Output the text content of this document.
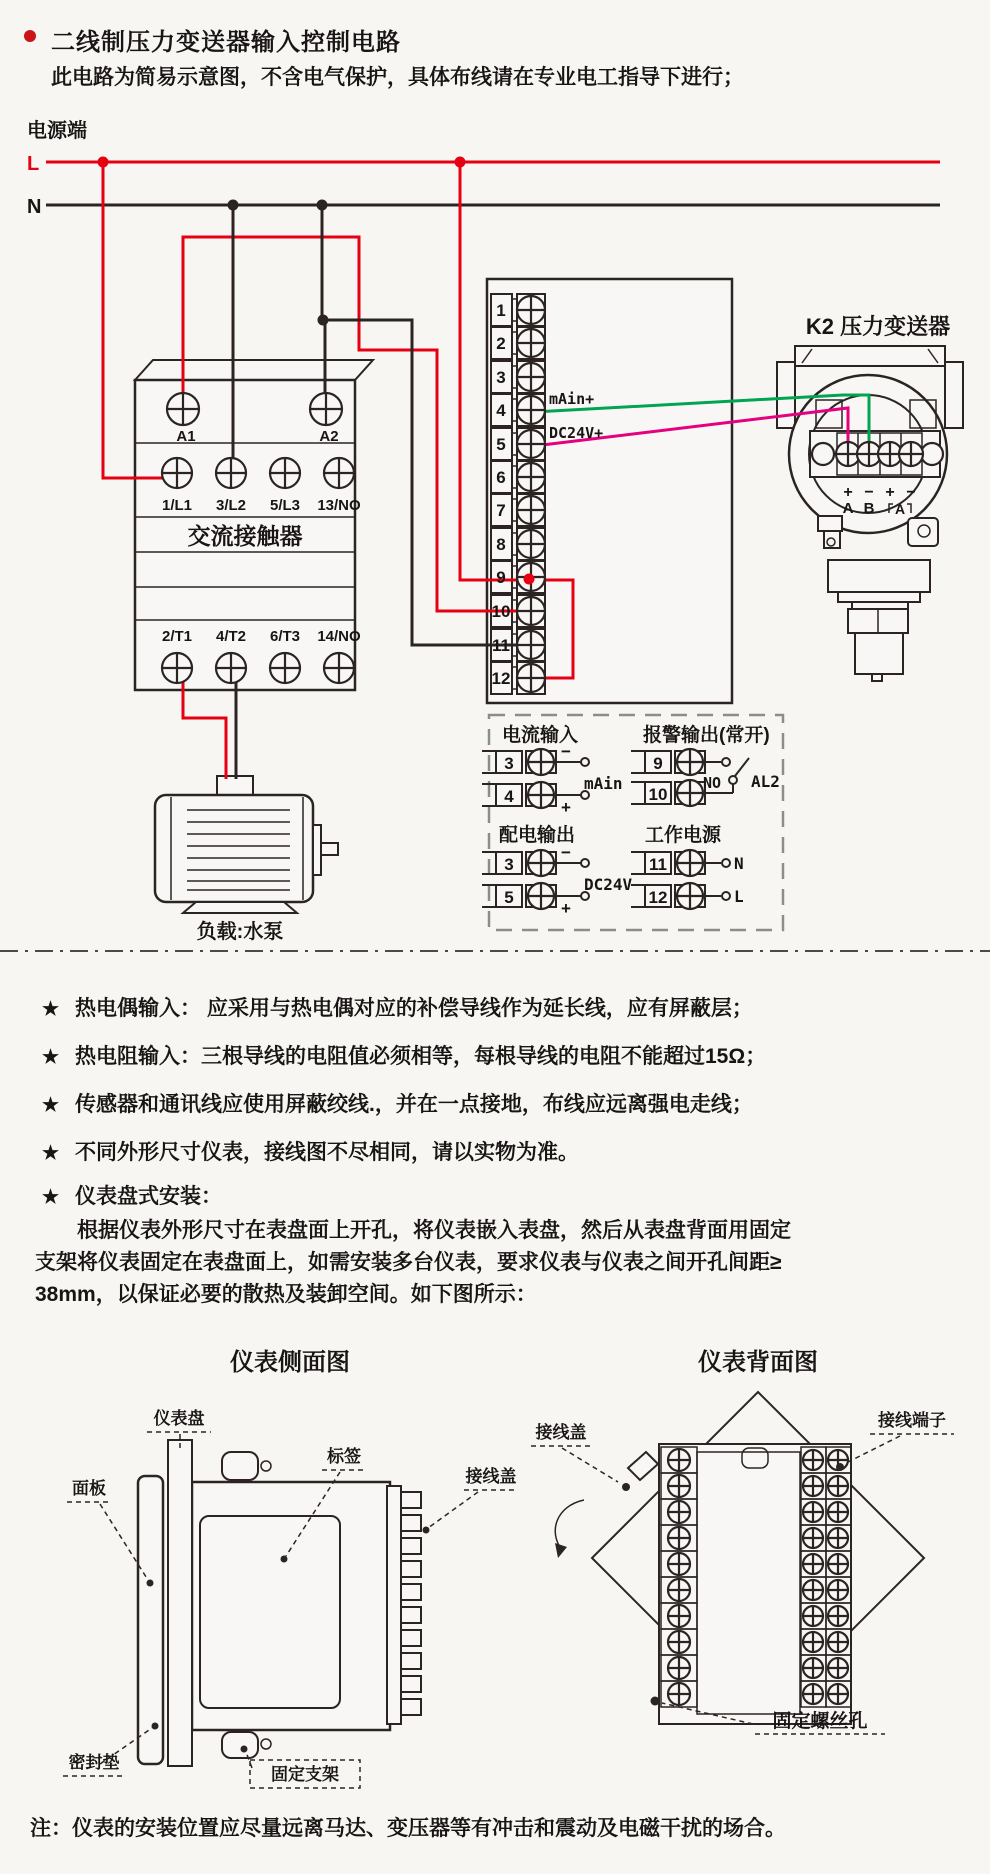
二线制压力变送器输入控制电路
此电路为简易示意图，不含电气保护，具体布线请在专业电工指导下进行；
电源端
L
N
A1	A2
1/L1 3/L2 5/L3 13/NO
交流接触器
2/T1 4/T2 6/T3 14/NO
负载:水泵
1
2
3
4
5
6
7
8
9
10
11
12
mAin+
DC24V+
K2 压力变送器
+ − + −
A B A
电流输入
3
4
−
+
mAin
配电输出
3
5
−
+
DC24V
报警输出(常开)
9
10
NO AL2
工作电源
11
12
N
L
★ 热电偶输入： 应采用与热电偶对应的补偿导线作为延长线，应有屏蔽层；
★ 热电阻输入：三根导线的电阻值必须相等，每根导线的电阻不能超过15Ω；
★ 传感器和通讯线应使用屏蔽绞线.，并在一点接地，布线应远离强电走线；
★ 不同外形尺寸仪表，接线图不尽相同，请以实物为准。
★ 仪表盘式安装：
根据仪表外形尺寸在表盘面上开孔，将仪表嵌入表盘，然后从表盘背面用固定
支架将仪表固定在表盘面上，如需安装多台仪表，要求仪表与仪表之间开孔间距≥
38mm，以保证必要的散热及装卸空间。如下图所示：
仪表侧面图	仪表背面图
仪表盘
面板
标签
接线盖
密封垫
固定支架
接线盖
接线端子
固定螺丝孔
注：仪表的安装位置应尽量远离马达、变压器等有冲击和震动及电磁干扰的场合。
